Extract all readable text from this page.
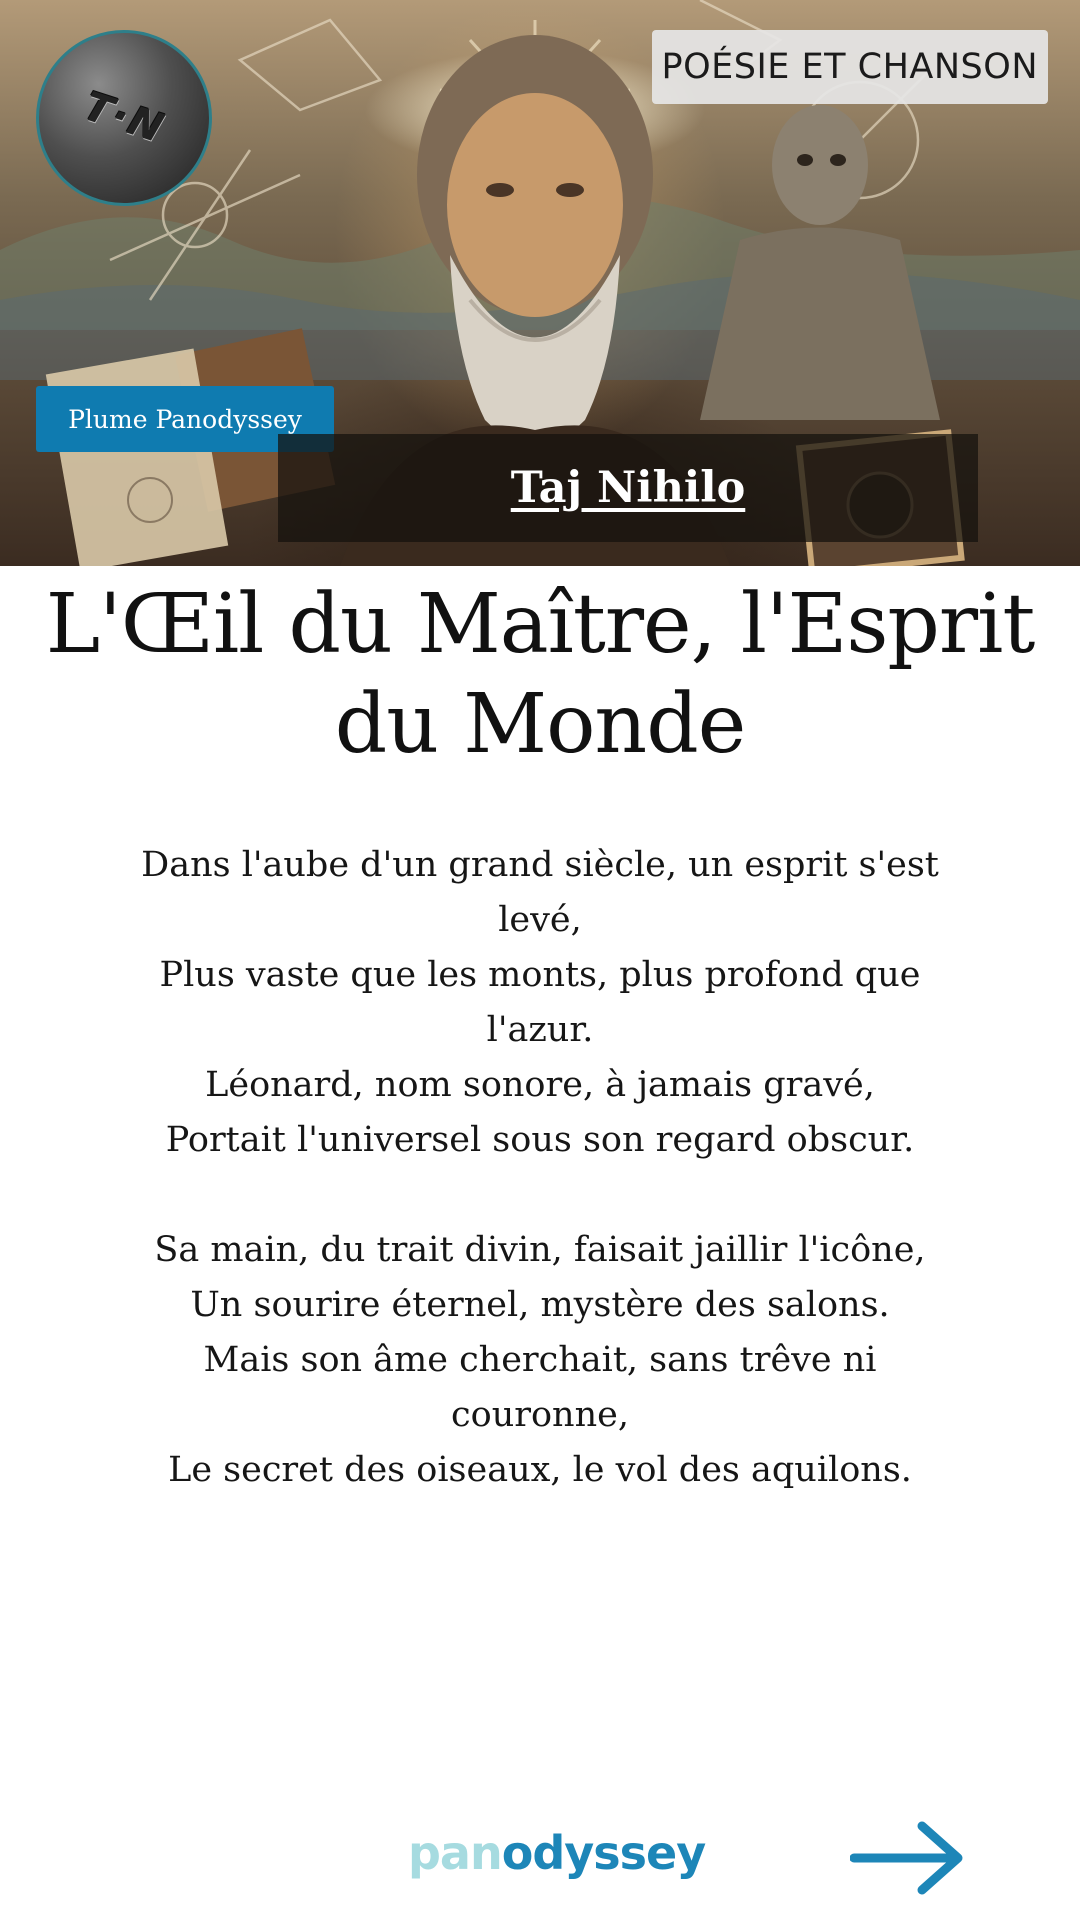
T·N
POÉSIE ET CHANSON
Plume Panodyssey
Taj Nihilo
L'Œil du Maître, l'Esprit du Monde
Dans l'aube d'un grand siècle, un esprit s'est levé,
Plus vaste que les monts, plus profond que l'azur.
Léonard, nom sonore, à jamais gravé,
Portait l'universel sous son regard obscur.
Sa main, du trait divin, faisait jaillir l'icône,
Un sourire éternel, mystère des salons.
Mais son âme cherchait, sans trêve ni couronne,
Le secret des oiseaux, le vol des aquilons.
panodyssey
